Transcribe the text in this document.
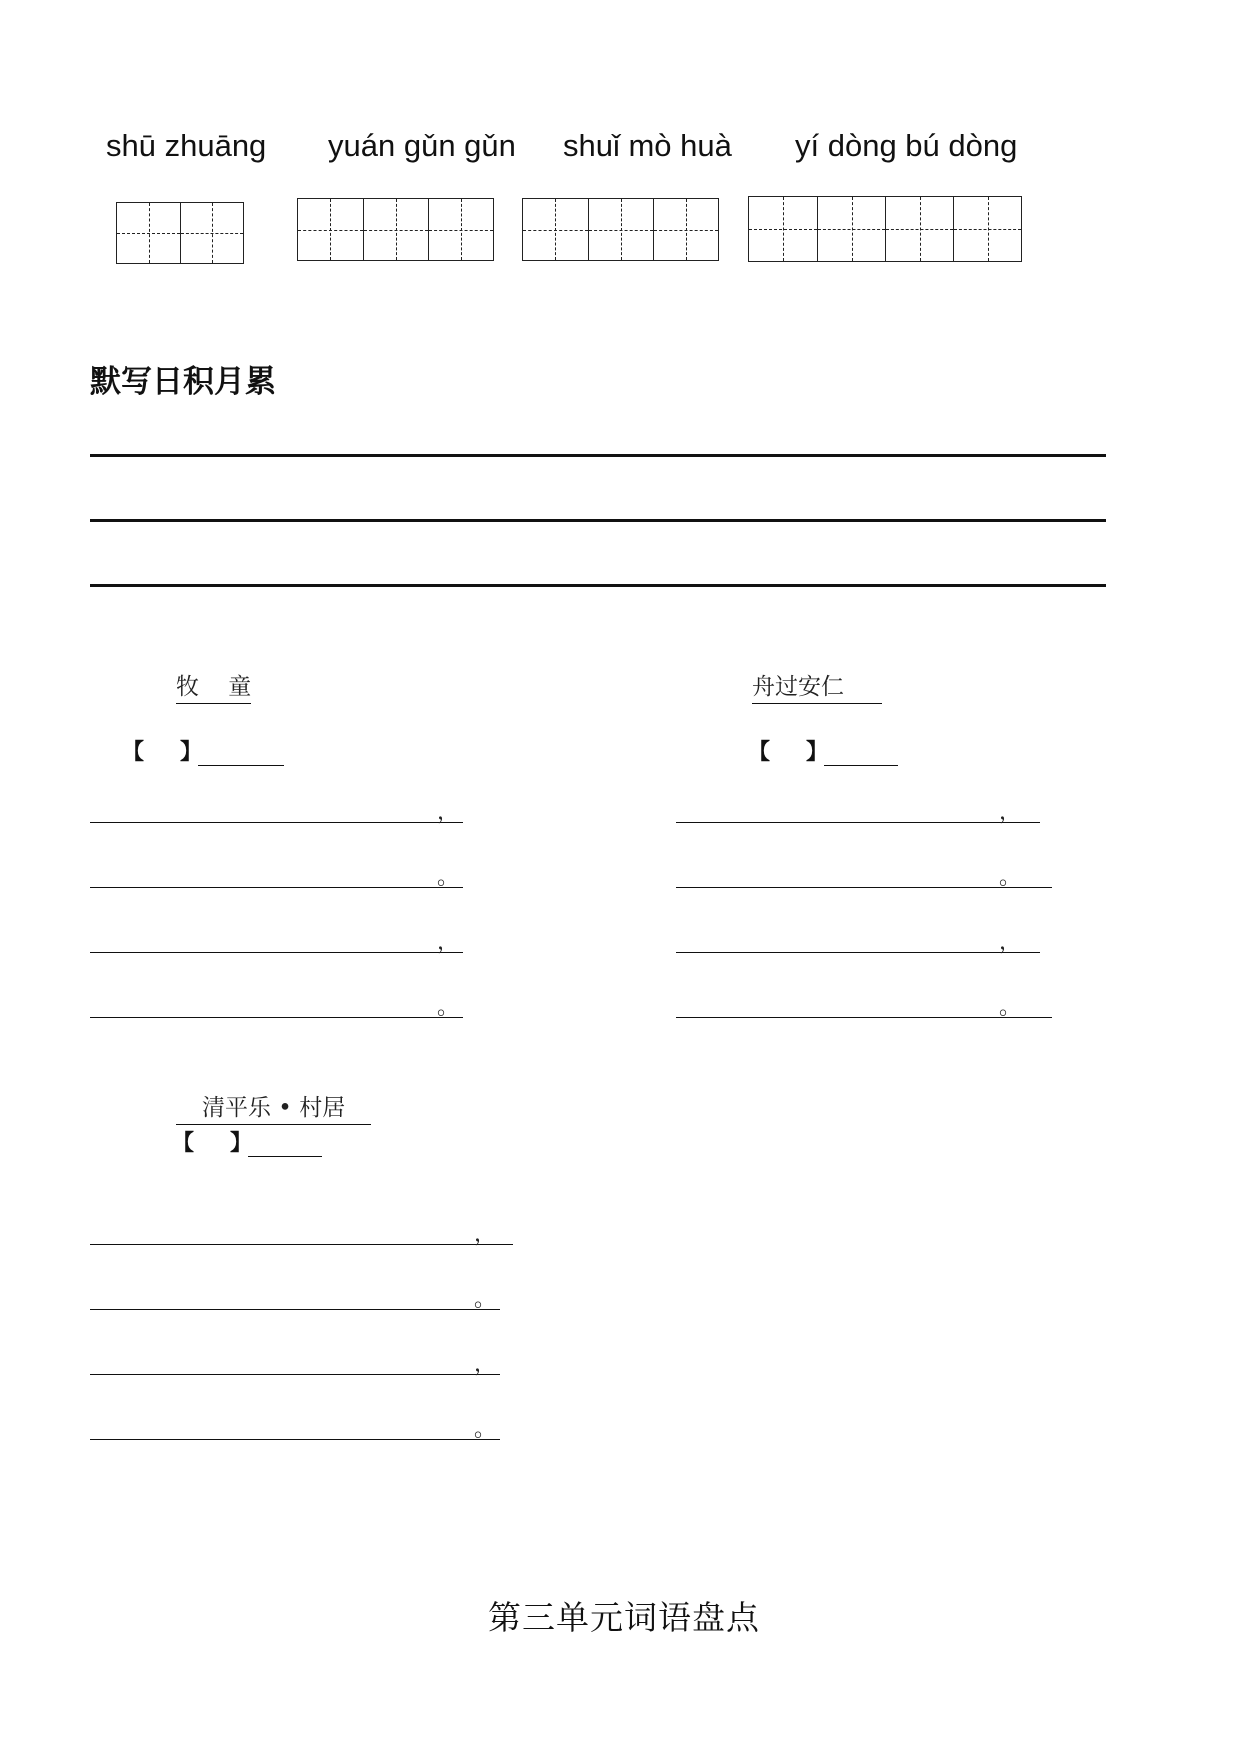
shū zhuāng yuán gǔn gǔn shuǐ mò huà yí dòng bú dòng
默写日积月累
牧    童
【 】
，
。
，
。
舟过安仁
【 】
，
。
，
。
清平乐 • 村居
【 】
，
。
，
。
第三单元词语盘点
